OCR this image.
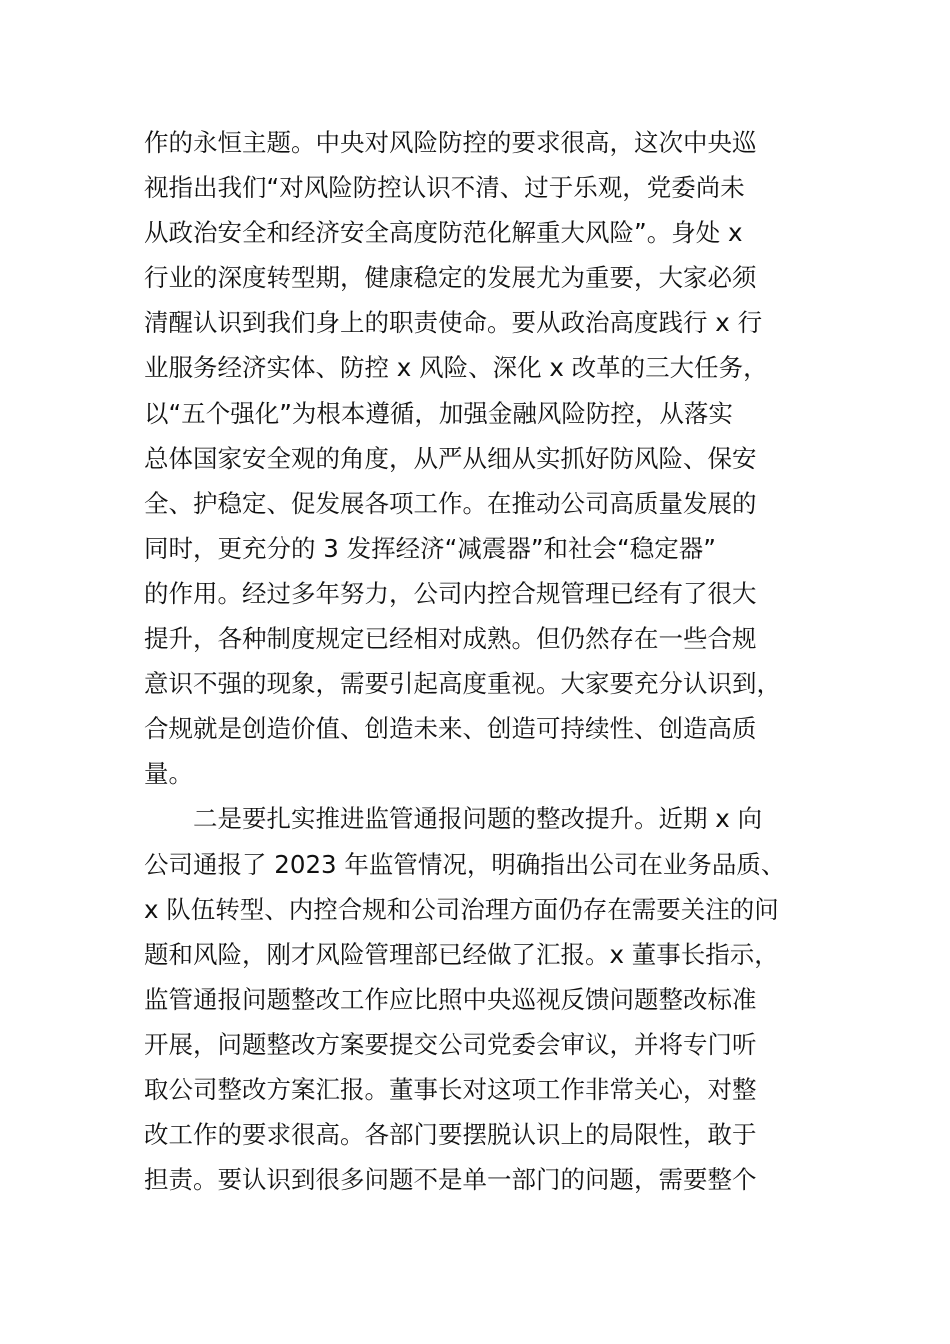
作的永恒主题。中央对风险防控的要求很高，这次中央巡
视指出我们“对风险防控认识不清、过于乐观，党委尚未
从政治安全和经济安全高度防范化解重大风险”。身处 x
行业的深度转型期，健康稳定的发展尤为重要，大家必须
清醒认识到我们身上的职责使命。要从政治高度践行 x 行
业服务经济实体、防控 x 风险、深化 x 改革的三大任务，
以“五个强化”为根本遵循，加强金融风险防控，从落实
总体国家安全观的角度，从严从细从实抓好防风险、保安
全、护稳定、促发展各项工作。在推动公司高质量发展的
同时，更充分的 3 发挥经济“减震器”和社会“稳定器”
的作用。经过多年努力，公司内控合规管理已经有了很大
提升，各种制度规定已经相对成熟。但仍然存在一些合规
意识不强的现象，需要引起高度重视。大家要充分认识到，
合规就是创造价值、创造未来、创造可持续性、创造高质
量。
　　二是要扎实推进监管通报问题的整改提升。近期 x 向
公司通报了 2023 年监管情况，明确指出公司在业务品质、
x 队伍转型、内控合规和公司治理方面仍存在需要关注的问
题和风险，刚才风险管理部已经做了汇报。x 董事长指示，
监管通报问题整改工作应比照中央巡视反馈问题整改标准
开展，问题整改方案要提交公司党委会审议，并将专门听
取公司整改方案汇报。董事长对这项工作非常关心，对整
改工作的要求很高。各部门要摆脱认识上的局限性，敢于
担责。要认识到很多问题不是单一部门的问题，需要整个
